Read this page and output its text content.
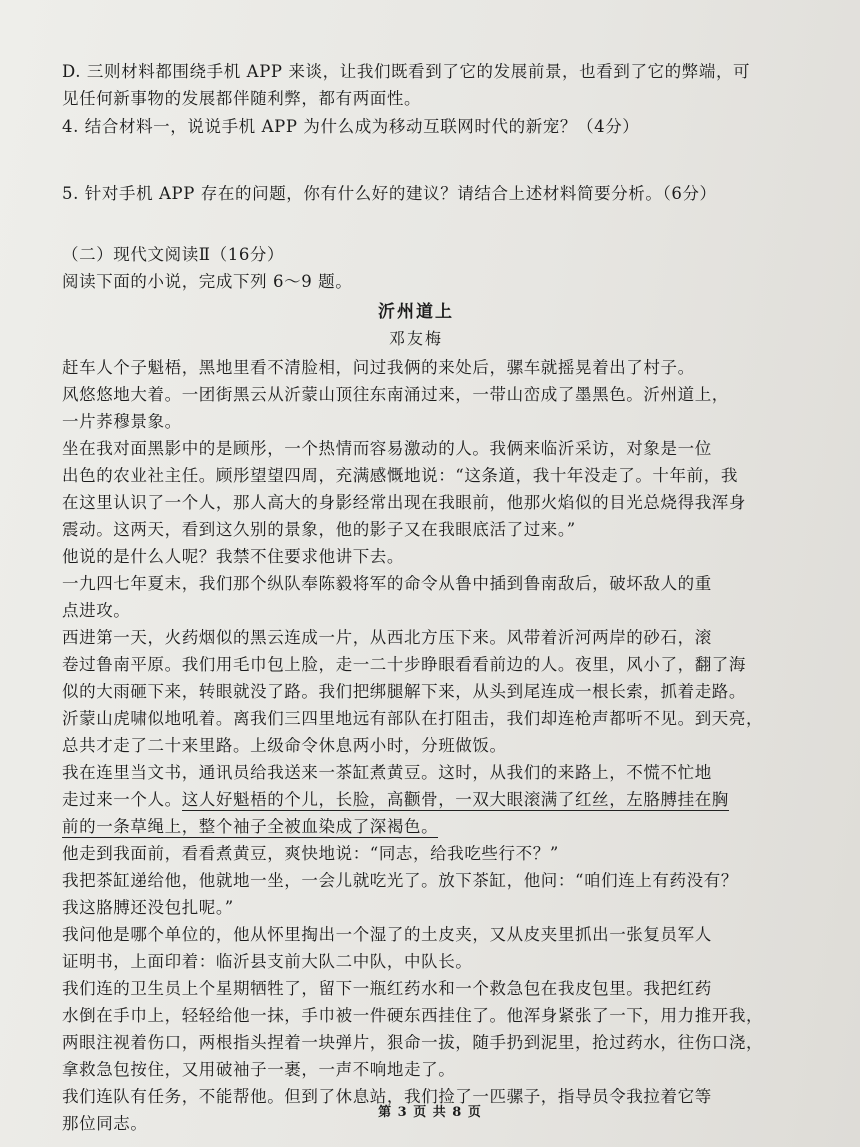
D. 三则材料都围绕手机 APP 来谈，让我们既看到了它的发展前景，也看到了它的弊端，可

见任何新事物的发展都伴随利弊，都有两面性。

4. 结合材料一，说说手机 APP 为什么成为移动互联网时代的新宠？（4分）

5. 针对手机 APP 存在的问题，你有什么好的建议？请结合上述材料简要分析。（6分）

（二）现代文阅读Ⅱ（16分）

阅读下面的小说，完成下列 6～9 题。

沂州道上

邓友梅

赶车人个子魁梧，黑地里看不清脸相，问过我俩的来处后，骡车就摇晃着出了村子。

风悠悠地大着。一团街黑云从沂蒙山顶往东南涌过来，一带山峦成了墨黑色。沂州道上，

一片荞穆景象。

坐在我对面黑影中的是顾彤，一个热情而容易激动的人。我俩来临沂采访，对象是一位

出色的农业社主任。顾彤望望四周，充满感慨地说：“这条道，我十年没走了。十年前，我

在这里认识了一个人，那人高大的身影经常出现在我眼前，他那火焰似的目光总烧得我浑身

震动。这两天，看到这久别的景象，他的影子又在我眼底活了过来。”

他说的是什么人呢？我禁不住要求他讲下去。

一九四七年夏末，我们那个纵队奉陈毅将军的命令从鲁中插到鲁南敌后，破坏敌人的重

点进攻。

西进第一天，火药烟似的黑云连成一片，从西北方压下来。风带着沂河两岸的砂石，滚

卷过鲁南平原。我们用毛巾包上脸，走一二十步睁眼看看前边的人。夜里，风小了，翻了海

似的大雨砸下来，转眼就没了路。我们把绑腿解下来，从头到尾连成一根长索，抓着走路。

沂蒙山虎啸似地吼着。离我们三四里地远有部队在打阻击，我们却连枪声都听不见。到天亮，

总共才走了二十来里路。上级命令休息两小时，分班做饭。

我在连里当文书，通讯员给我送来一茶缸煮黄豆。这时，从我们的来路上，不慌不忙地

走过来一个人。这人好魁梧的个儿，长脸，高颧骨，一双大眼滚满了红丝，左胳膊挂在胸

前的一条草绳上，整个袖子全被血染成了深褐色。

他走到我面前，看看煮黄豆，爽快地说：“同志，给我吃些行不？”

我把茶缸递给他，他就地一坐，一会儿就吃光了。放下茶缸，他问：“咱们连上有药没有？

我这胳膊还没包扎呢。”

我问他是哪个单位的，他从怀里掏出一个湿了的土皮夹，又从皮夹里抓出一张复员军人

证明书，上面印着：临沂县支前大队二中队，中队长。

我们连的卫生员上个星期牺牲了，留下一瓶红药水和一个救急包在我皮包里。我把红药

水倒在手巾上，轻轻给他一抹，手巾被一件硬东西挂住了。他浑身紧张了一下，用力推开我，

两眼注视着伤口，两根指头捏着一块弹片，狠命一拔，随手扔到泥里，抢过药水，往伤口浇，

拿救急包按住，又用破袖子一裹，一声不响地走了。

我们连队有任务，不能帮他。但到了休息站，我们捡了一匹骡子，指导员令我拉着它等

那位同志。

第 3 页 共 8 页
